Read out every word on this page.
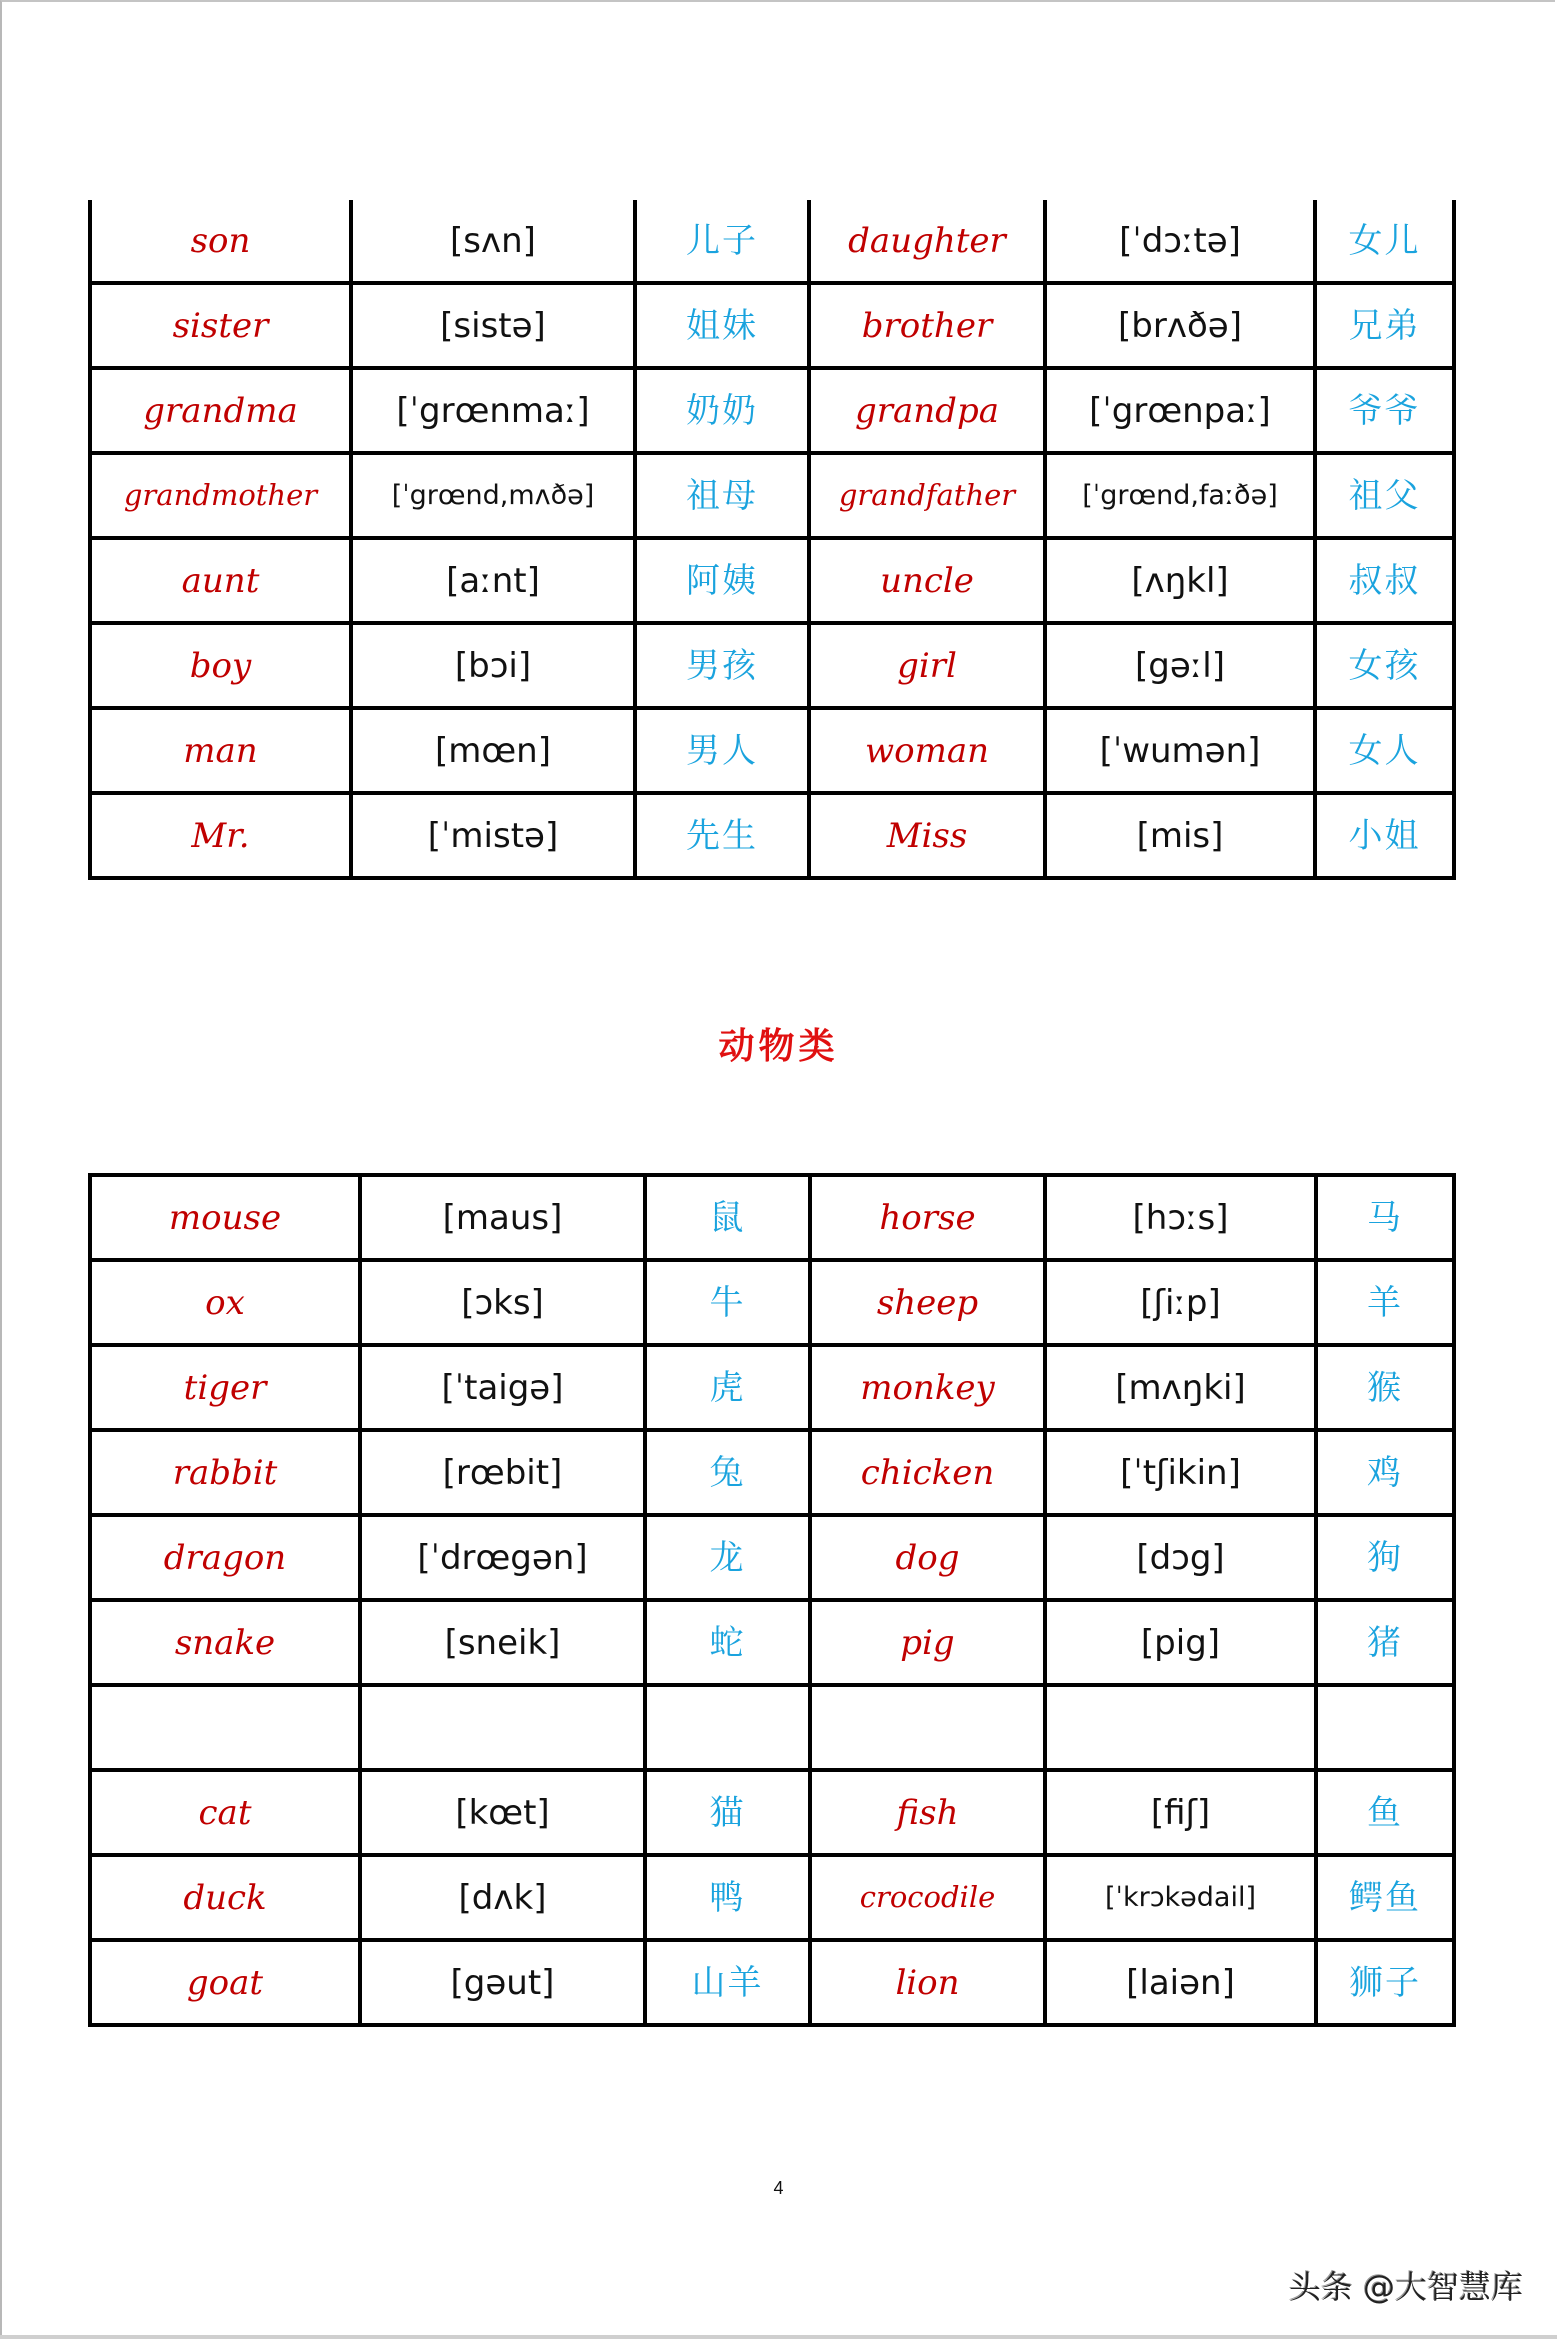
son	[sʌn]	儿子	daughter	[ˈdɔːtə]	女儿
sister	[sistə]	姐妹	brother	[brʌðə]	兄弟
grandma	[ˈgrœnmaː]	奶奶	grandpa	[ˈgrœnpaː]	爷爷
grandmother	[ˈgrœnd,mʌðə]	祖母	grandfather	[ˈgrœnd,faːðə]	祖父
aunt	[aːnt]	阿姨	uncle	[ʌŋkl]	叔叔
boy	[bɔi]	男孩	girl	[gəːl]	女孩
man	[mœn]	男人	woman	[ˈwumən]	女人
Mr.	[ˈmistə]	先生	Miss	[mis]	小姐
动物类
mouse	[maus]	鼠	horse	[hɔːs]	马
ox	[ɔks]	牛	sheep	[ʃiːp]	羊
tiger	[ˈtaigə]	虎	monkey	[mʌŋki]	猴
rabbit	[rœbit]	兔	chicken	[ˈtʃikin]	鸡
dragon	[ˈdrœgən]	龙	dog	[dɔg]	狗
snake	[sneik]	蛇	pig	[pig]	猪

cat	[kœt]	猫	fish	[fiʃ]	鱼
duck	[dʌk]	鸭	crocodile	[ˈkrɔkədail]	鳄鱼
goat	[gəut]	山羊	lion	[laiən]	狮子
4
头条 @大智慧库
